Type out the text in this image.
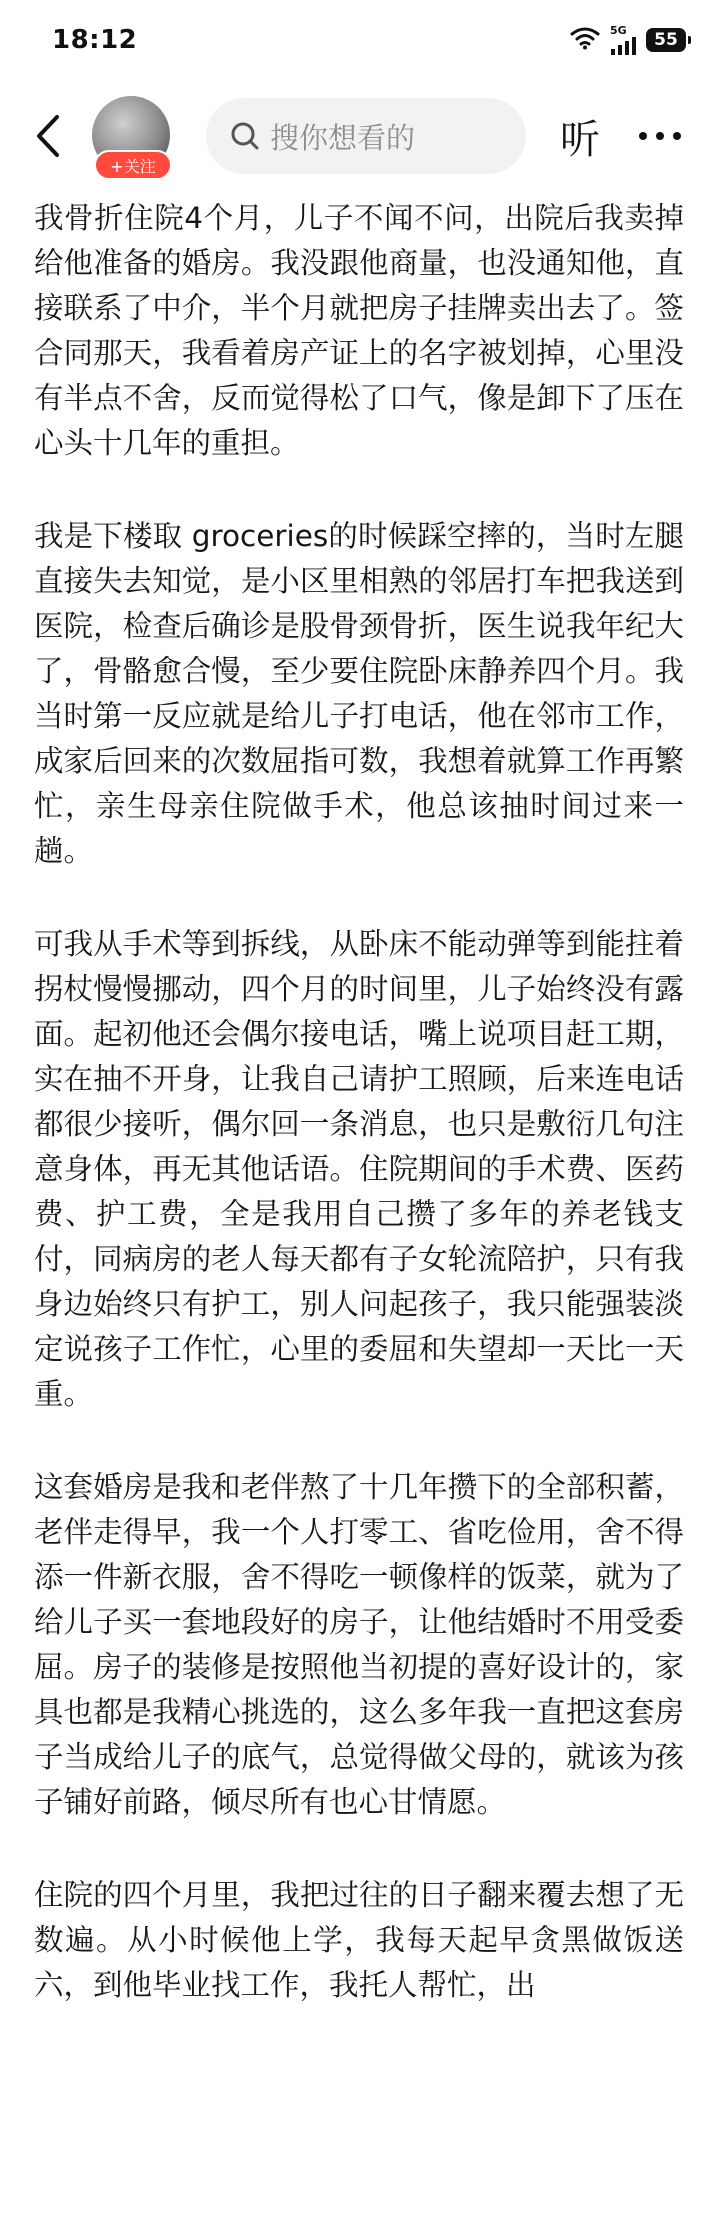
18:12	5G 55
+关注
搜你想看的	听

我骨折住院4个月，儿子不闻不问，出院后我卖掉给他准备的婚房。我没跟他商量，也没通知他，直接联系了中介，半个月就把房子挂牌卖出去了。签合同那天，我看着房产证上的名字被划掉，心里没有半点不舍，反而觉得松了口气，像是卸下了压在心头十几年的重担。

我是下楼取 groceries的时候踩空摔的，当时左腿直接失去知觉，是小区里相熟的邻居打车把我送到医院，检查后确诊是股骨颈骨折，医生说我年纪大了，骨骼愈合慢，至少要住院卧床静养四个月。我当时第一反应就是给儿子打电话，他在邻市工作，成家后回来的次数屈指可数，我想着就算工作再繁忙，亲生母亲住院做手术，他总该抽时间过来一趟。

可我从手术等到拆线，从卧床不能动弹等到能拄着拐杖慢慢挪动，四个月的时间里，儿子始终没有露面。起初他还会偶尔接电话，嘴上说项目赶工期，实在抽不开身，让我自己请护工照顾，后来连电话都很少接听，偶尔回一条消息，也只是敷衍几句注意身体，再无其他话语。住院期间的手术费、医药费、护工费，全是我用自己攒了多年的养老钱支付，同病房的老人每天都有子女轮流陪护，只有我身边始终只有护工，别人问起孩子，我只能强装淡定说孩子工作忙，心里的委屈和失望却一天比一天重。

这套婚房是我和老伴熬了十几年攒下的全部积蓄，老伴走得早，我一个人打零工、省吃俭用，舍不得添一件新衣服，舍不得吃一顿像样的饭菜，就为了给儿子买一套地段好的房子，让他结婚时不用受委屈。房子的装修是按照他当初提的喜好设计的，家具也都是我精心挑选的，这么多年我一直把这套房子当成给儿子的底气，总觉得做父母的，就该为孩子铺好前路，倾尽所有也心甘情愿。

住院的四个月里，我把过往的日子翻来覆去想了无数遍。从小时候他上学，我每天起早贪黑做饭送六，到他毕业找工作，我托人帮忙，出
